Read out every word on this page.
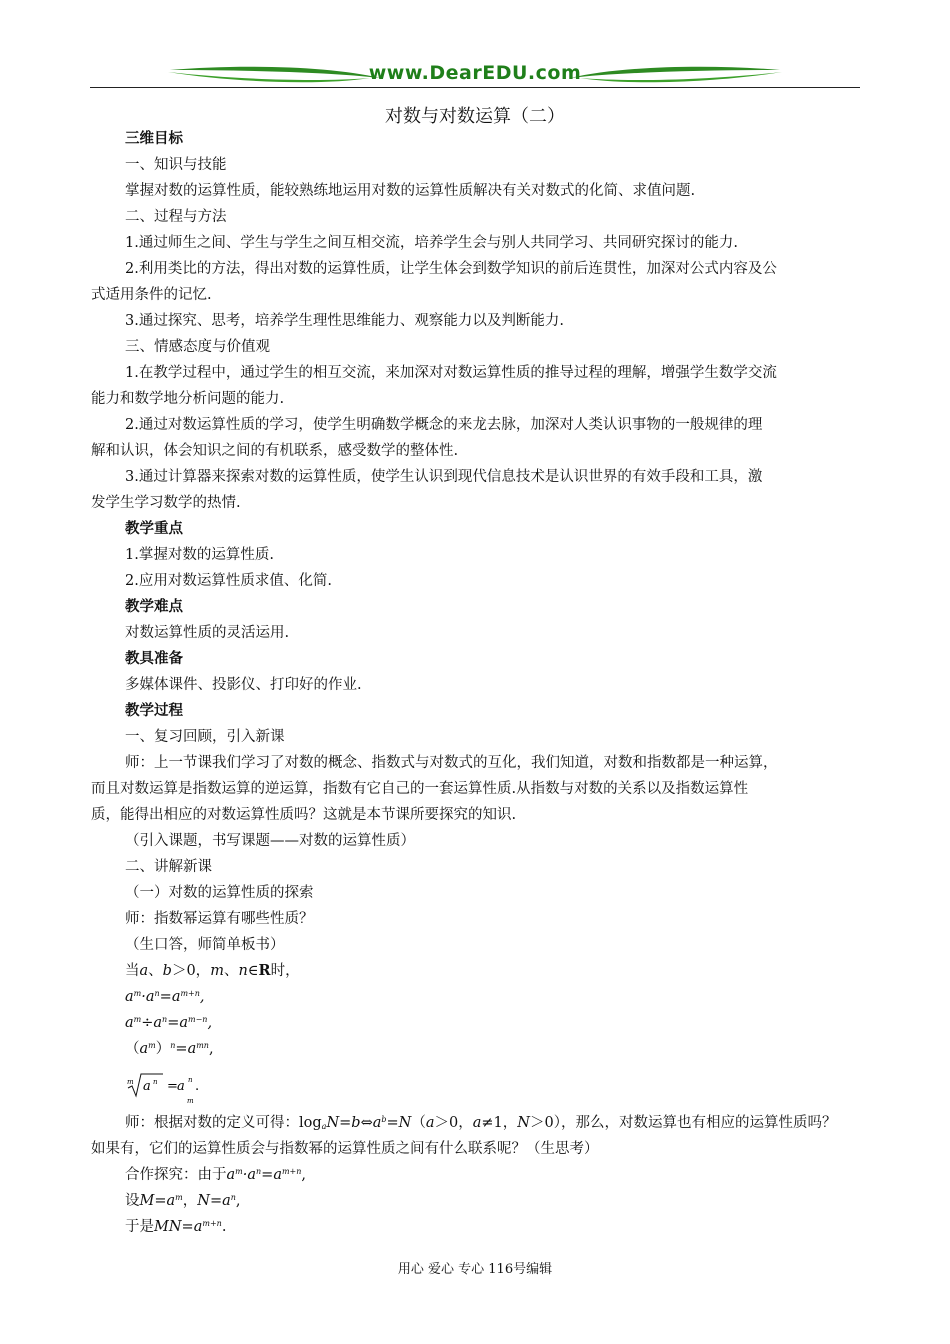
www.DearEDU.com
对数与对数运算（二）
三维目标
一、知识与技能
掌握对数的运算性质，能较熟练地运用对数的运算性质解决有关对数式的化简、求值问题.
二、过程与方法
1.通过师生之间、学生与学生之间互相交流，培养学生会与别人共同学习、共同研究探讨的能力.
2.利用类比的方法，得出对数的运算性质，让学生体会到数学知识的前后连贯性，加深对公式内容及公
式适用条件的记忆.
3.通过探究、思考，培养学生理性思维能力、观察能力以及判断能力.
三、情感态度与价值观
1.在教学过程中，通过学生的相互交流，来加深对对数运算性质的推导过程的理解，增强学生数学交流
能力和数学地分析问题的能力.
2.通过对数运算性质的学习，使学生明确数学概念的来龙去脉，加深对人类认识事物的一般规律的理
解和认识，体会知识之间的有机联系，感受数学的整体性.
3.通过计算器来探索对数的运算性质，使学生认识到现代信息技术是认识世界的有效手段和工具，激
发学生学习数学的热情.
教学重点
1.掌握对数的运算性质.
2.应用对数运算性质求值、化简.
教学难点
对数运算性质的灵活运用.
教具准备
多媒体课件、投影仪、打印好的作业.
教学过程
一、复习回顾，引入新课
师：上一节课我们学习了对数的概念、指数式与对数式的互化，我们知道，对数和指数都是一种运算，
而且对数运算是指数运算的逆运算，指数有它自己的一套运算性质.从指数与对数的关系以及指数运算性
质，能得出相应的对数运算性质吗？这就是本节课所要探究的知识.
（引入课题，书写课题——对数的运算性质）
二、讲解新课
（一）对数的运算性质的探索
师：指数幂运算有哪些性质？
（生口答，师简单板书）
当a、b＞0，m、n∈R时，
$a^m\cdot a^n=a^{m+n}$,
$a^m\div a^n=a^{m-n}$,
$(a^m)^n=a^{mn}$,
m a n = a n
m
.
师：根据对数的定义可得：$\log_aN=b\Leftrightarrow a^b=N(a>0$，a≠1，N＞0），那么，对数运算也有相应的运算性质吗？
如果有，它们的运算性质会与指数幂的运算性质之间有什么联系呢？（生思考）
合作探究：由于$a^m\cdot a^n=a^{m+n}$,
设$M=a^m$，$N=a^n$,
于是$MN=a^{m+n}$.
用心 爱心 专心 116号编辑
